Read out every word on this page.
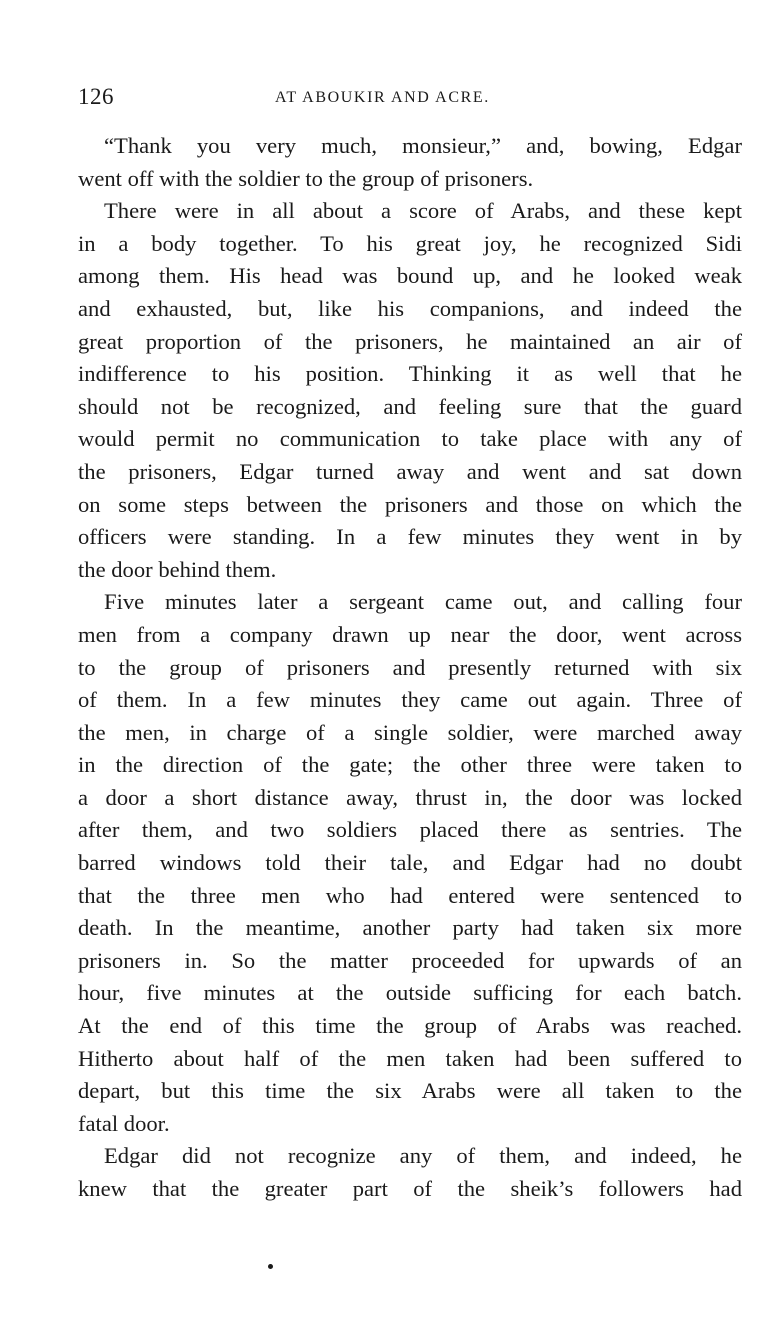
126	AT ABOUKIR AND ACRE.

“Thank you very much, monsieur,” and, bowing, Edgar
went off with the soldier to the group of prisoners.

There were in all about a score of Arabs, and these kept
in a body together. To his great joy, he recognized Sidi
among them. His head was bound up, and he looked weak
and exhausted, but, like his companions, and indeed the
great proportion of the prisoners, he maintained an air of
indifference to his position. Thinking it as well that he
should not be recognized, and feeling sure that the guard
would permit no communication to take place with any of
the prisoners, Edgar turned away and went and sat down
on some steps between the prisoners and those on which the
officers were standing. In a few minutes they went in by
the door behind them.

Five minutes later a sergeant came out, and calling four
men from a company drawn up near the door, went across
to the group of prisoners and presently returned with six
of them. In a few minutes they came out again. Three of
the men, in charge of a single soldier, were marched away
in the direction of the gate; the other three were taken to
a door a short distance away, thrust in, the door was locked
after them, and two soldiers placed there as sentries. The
barred windows told their tale, and Edgar had no doubt
that the three men who had entered were sentenced to
death. In the meantime, another party had taken six more
prisoners in. So the matter proceeded for upwards of an
hour, five minutes at the outside sufficing for each batch.
At the end of this time the group of Arabs was reached.
Hitherto about half of the men taken had been suffered to
depart, but this time the six Arabs were all taken to the
fatal door.

Edgar did not recognize any of them, and indeed, he
knew that the greater part of the sheik’s followers had
